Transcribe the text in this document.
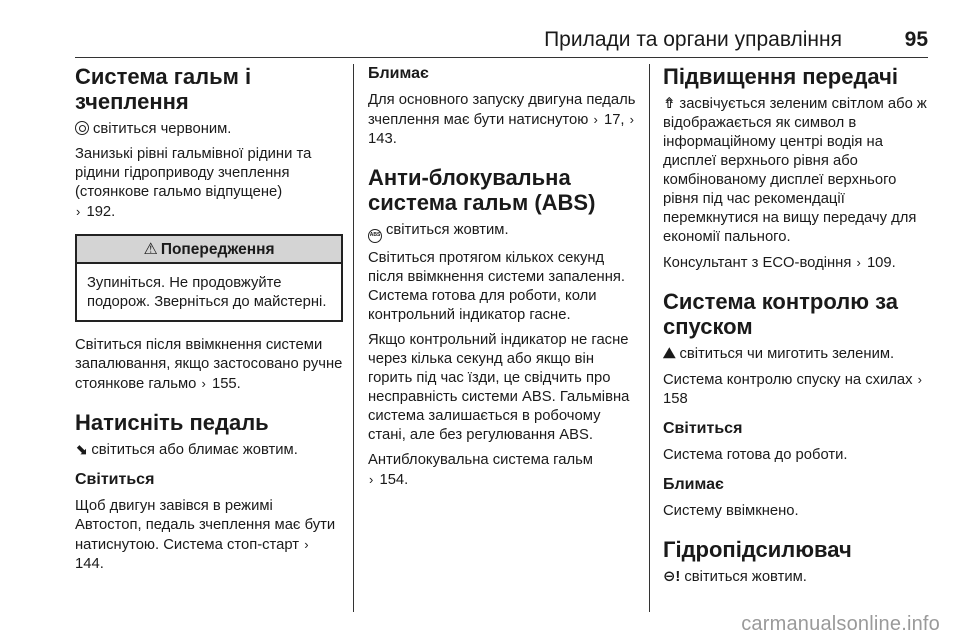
Прилади та органи управління	95
Система гальм і зчеплення

світиться червоним.

Занизькі рівні гальмівної рідини та рідини гідроприводу зчеплення (стоянкове гальмо відпущене)
› 192.

⚠ Попередження
Зупиніться. Не продовжуйте подорож. Зверніться до майстерні.

Світиться після ввімкнення системи запалювання, якщо застосовано ручне стоянкове гальмо › 155.

Натисніть педаль

⬊ світиться або блимає жовтим.

Світиться

Щоб двигун завівся в режимі Автостоп, педаль зчеплення має бути натиснутою. Система стоп-старт › 144.

Блимає

Для основного запуску двигуна педаль зчеплення має бути натиснутою › 17, › 143.

Анти-блокувальна система гальм (ABS)

ABS світиться жовтим.

Світиться протягом кількох секунд після ввімкнення системи запалення. Система готова для роботи, коли контрольний індикатор гасне.

Якщо контрольний індикатор не гасне через кілька секунд або якщо він горить під час їзди, це свідчить про несправність системи ABS. Гальмівна система залишається в робочому стані, але без регулювання ABS.

Антиблокувальна система гальм
› 154.

Підвищення передачі

⇮ засвічується зеленим світлом або ж відображається як символ в інформаційному центрі водія на дисплеї верхнього рівня або комбінованому дисплеї верхнього рівня під час рекомендації перемкнутися на вищу передачу для економії пального.

Консультант з ECO-водіння › 109.

Система контролю за спуском

⛰ світиться чи миготить зеленим.

Система контролю спуску на схилах › 158

Світиться

Система готова до роботи.

Блимає

Систему ввімкнено.

Гідропідсилювач

⊖! світиться жовтим.

carmanualsonline.info
